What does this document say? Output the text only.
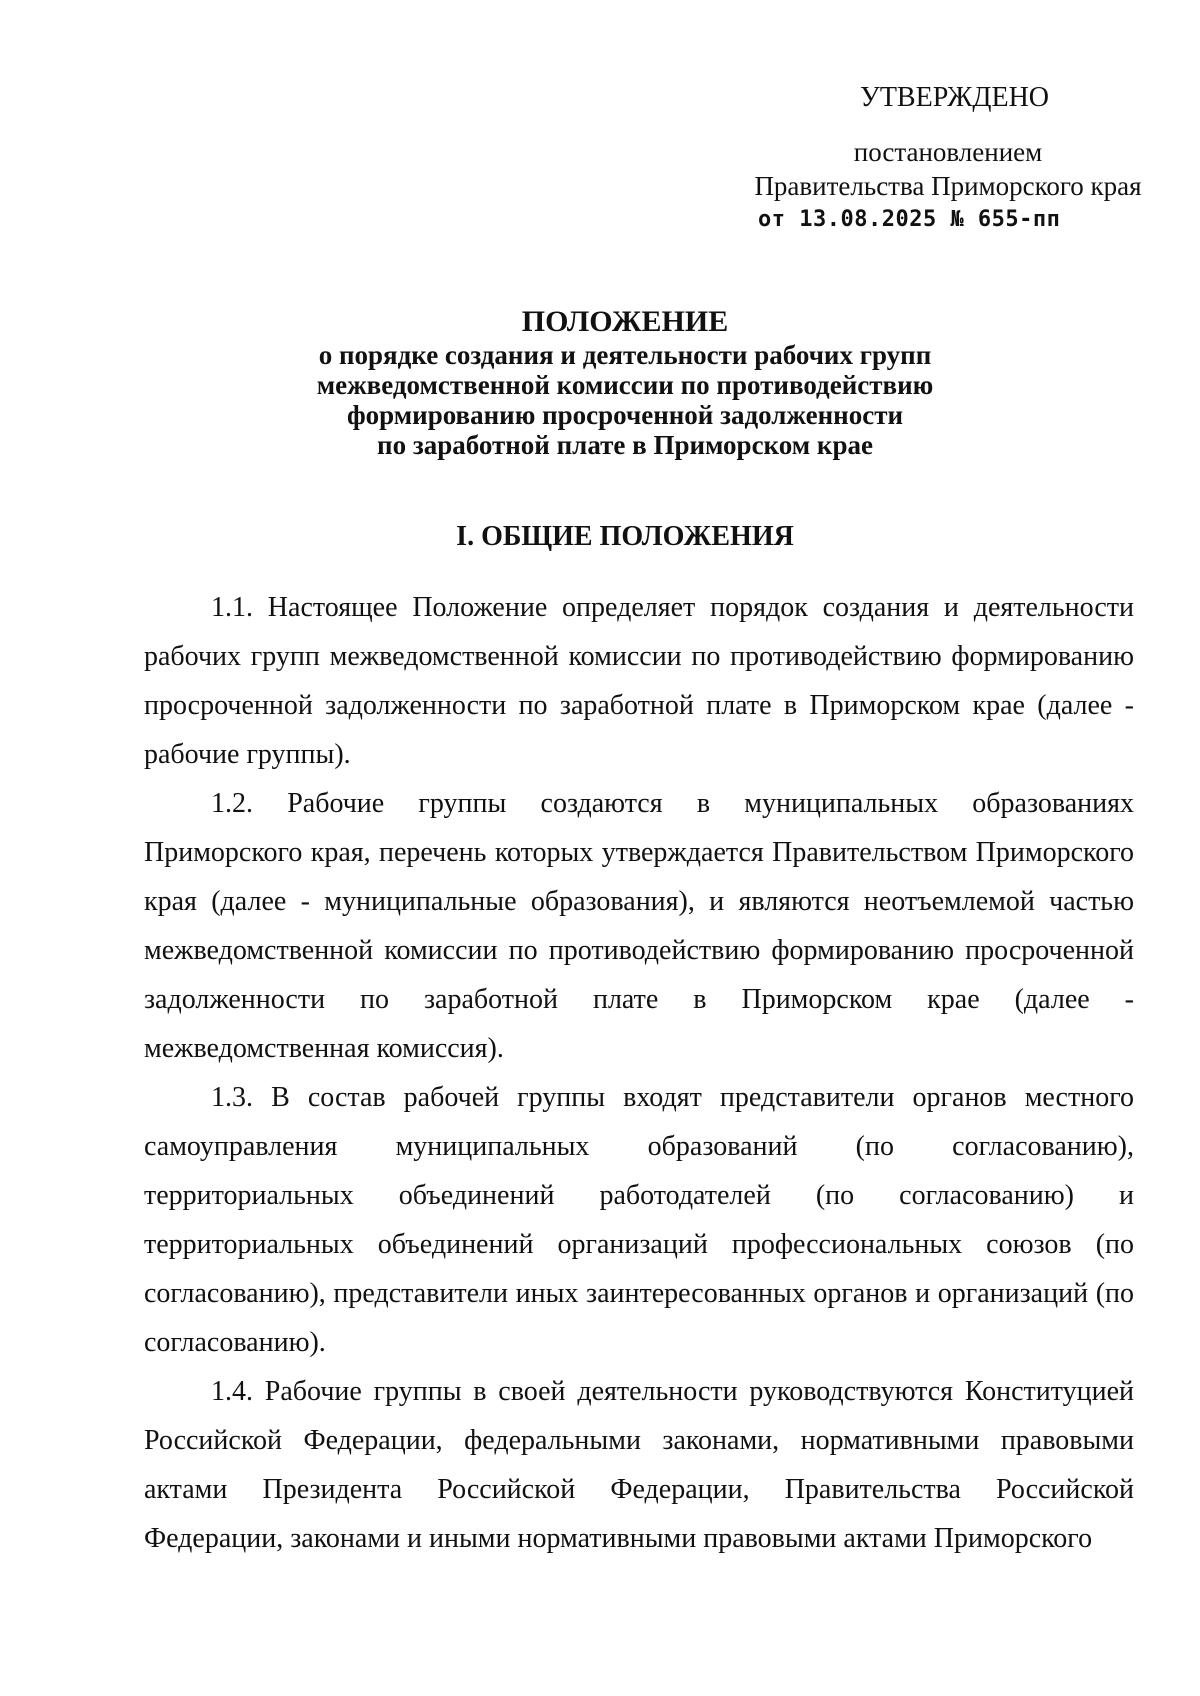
УТВЕРЖДЕНО
постановлением
Правительства Приморского края
от 13.08.2025 № 655-пп
ПОЛОЖЕНИЕ
о порядке создания и деятельности рабочих групп
межведомственной комиссии по противодействию
формированию просроченной задолженности
по заработной плате в Приморском крае
I. ОБЩИЕ ПОЛОЖЕНИЯ

1.1. Настоящее Положение определяет порядок создания и деятельности рабочих групп межведомственной комиссии по противодействию формированию просроченной задолженности по заработной плате в Приморском крае (далее - рабочие группы).

1.2. Рабочие группы создаются в муниципальных образованиях Приморского края, перечень которых утверждается Правительством Приморского края (далее - муниципальные образования), и являются неотъемлемой частью межведомственной комиссии по противодействию формированию просроченной задолженности по заработной плате в Приморском крае (далее - межведомственная комиссия).

1.3. В состав рабочей группы входят представители органов местного самоуправления муниципальных образований (по согласованию), территориальных объединений работодателей (по согласованию) и территориальных объединений организаций профессиональных союзов (по согласованию), представители иных заинтересованных органов и организаций (по согласованию).

1.4. Рабочие группы в своей деятельности руководствуются Конституцией Российской Федерации, федеральными законами, нормативными правовыми актами Президента Российской Федерации, Правительства Российской Федерации, законами и иными нормативными правовыми актами Приморского
